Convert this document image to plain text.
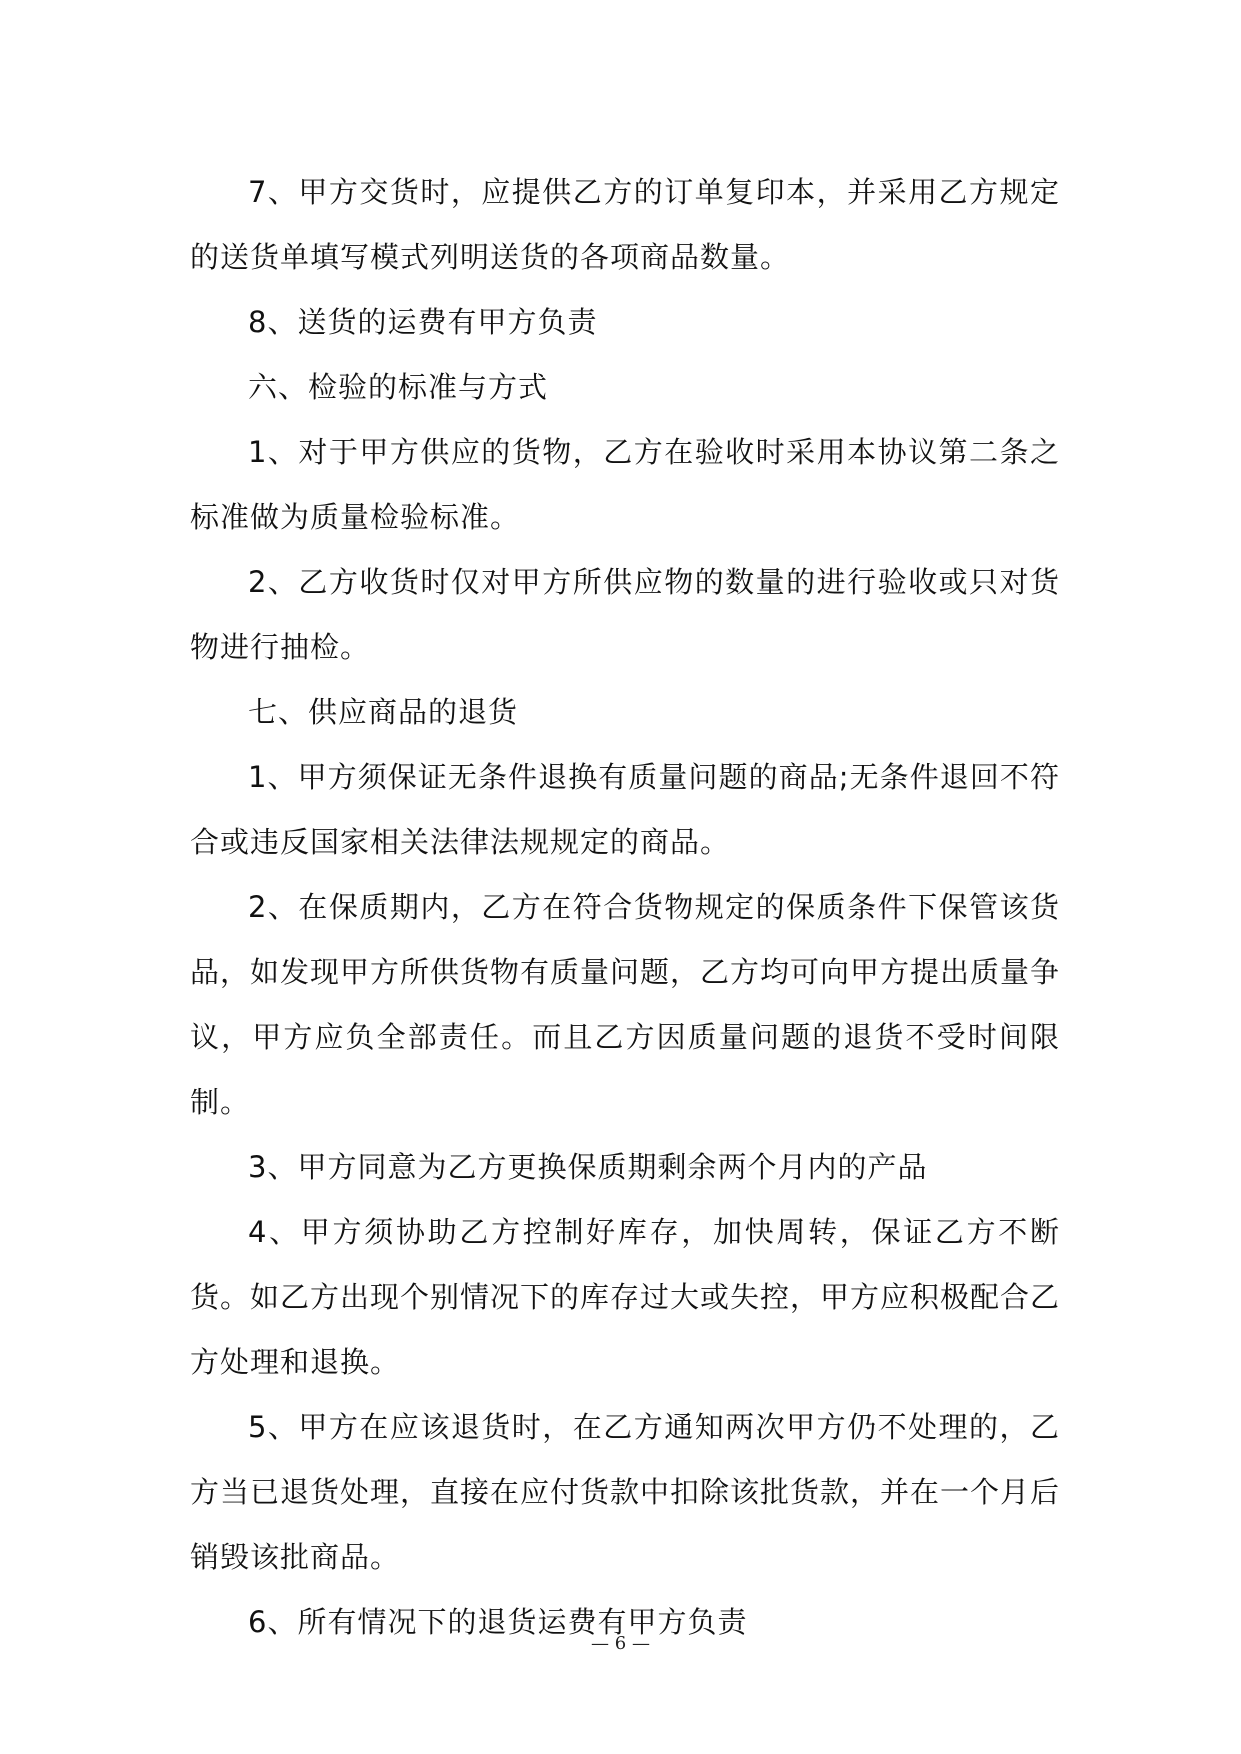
7、甲方交货时，应提供乙方的订单复印本，并采用乙方规定的送货单填写模式列明送货的各项商品数量。

8、送货的运费有甲方负责

六、检验的标准与方式

1、对于甲方供应的货物，乙方在验收时采用本协议第二条之标准做为质量检验标准。

2、乙方收货时仅对甲方所供应物的数量的进行验收或只对货物进行抽检。

七、供应商品的退货

1、甲方须保证无条件退换有质量问题的商品;无条件退回不符合或违反国家相关法律法规规定的商品。

2、在保质期内，乙方在符合货物规定的保质条件下保管该货品，如发现甲方所供货物有质量问题，乙方均可向甲方提出质量争议，甲方应负全部责任。而且乙方因质量问题的退货不受时间限制。

3、甲方同意为乙方更换保质期剩余两个月内的产品

4、甲方须协助乙方控制好库存，加快周转，保证乙方不断货。如乙方出现个别情况下的库存过大或失控，甲方应积极配合乙方处理和退换。

5、甲方在应该退货时，在乙方通知两次甲方仍不处理的，乙方当已退货处理，直接在应付货款中扣除该批货款，并在一个月后销毁该批商品。

6、所有情况下的退货运费有甲方负责

— 6 —
